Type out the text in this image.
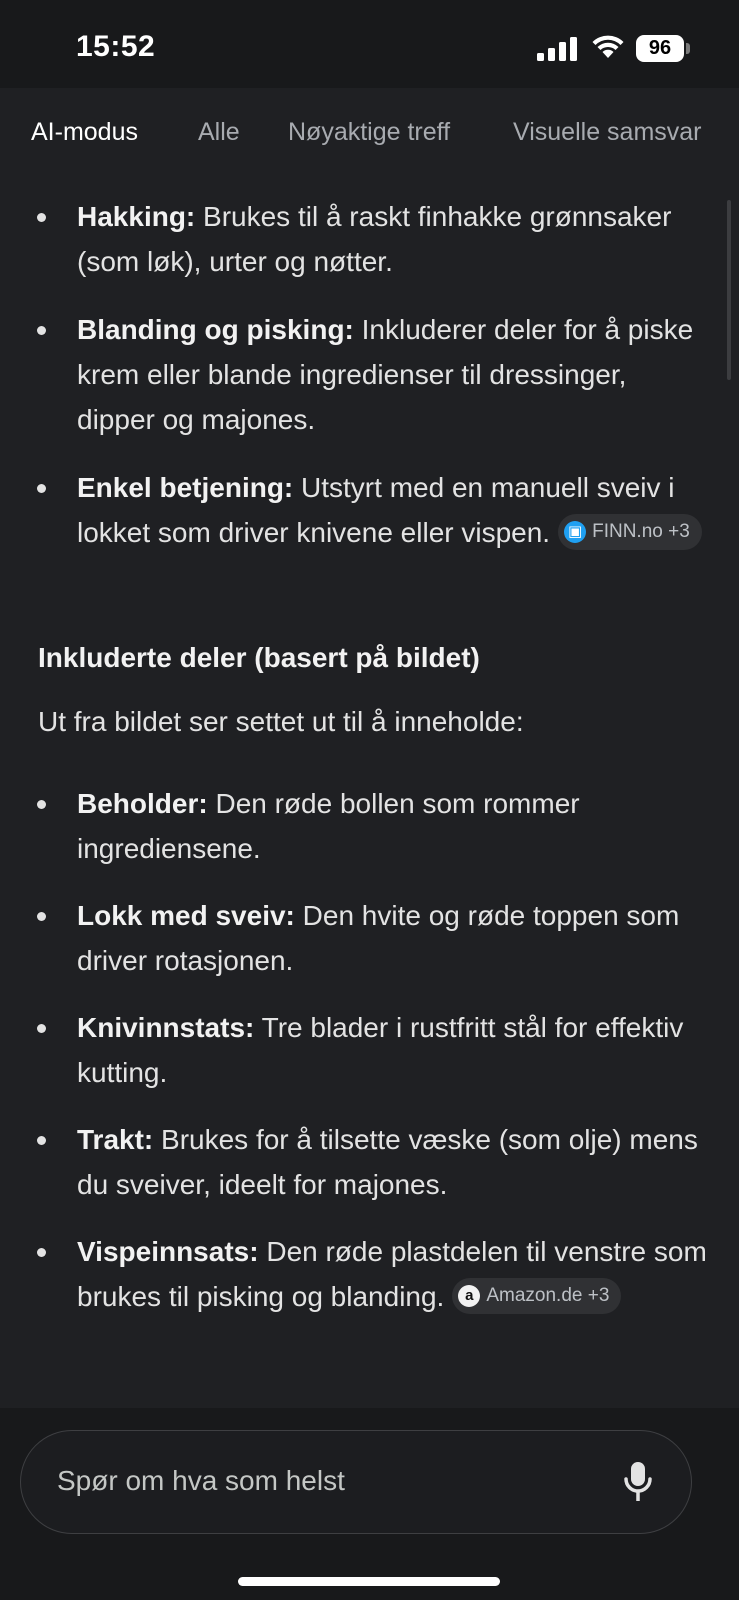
15:52	96
AI-modus Alle Nøyaktige treff	Visuelle samsvar
Hakking: Brukes til å raskt finhakke grønnsaker (som løk), urter og nøtter.
Blanding og pisking: Inkluderer deler for å piske krem eller blande ingredienser til dressinger, dipper og majones.
Enkel betjening: Utstyrt med en manuell sveiv i lokket som driver knivene eller vispen. ▣ FINN.no +3
Inkluderte deler (basert på bildet)
Ut fra bildet ser settet ut til å inneholde:
Beholder: Den røde bollen som rommer ingrediensene.
Lokk med sveiv: Den hvite og røde toppen som driver rotasjonen.
Knivinnstats: Tre blader i rustfritt stål for effektiv kutting.
Trakt: Brukes for å tilsette væske (som olje) mens du sveiver, ideelt for majones.
Vispeinnsats: Den røde plastdelen til venstre som brukes til pisking og blanding.	a Amazon.de +3
Spør om hva som helst
